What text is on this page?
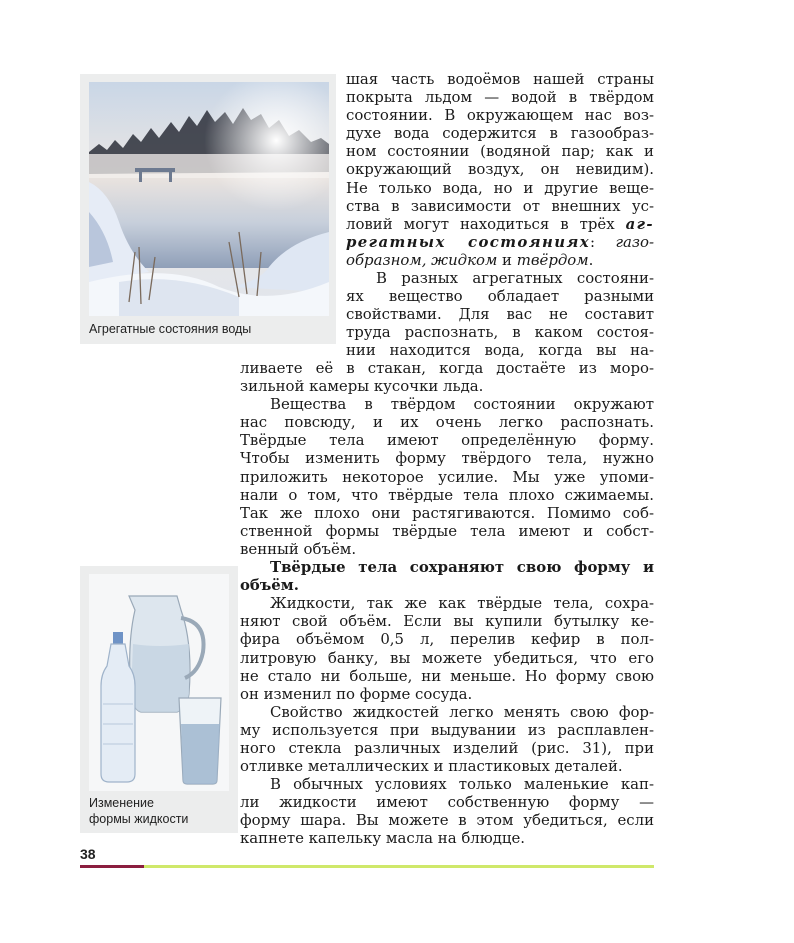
Агрегатные состояния воды
Изменение
формы жидкости
шая часть водоёмов нашей страны
покрыта льдом — водой в твёрдом
состоянии. В окружающем нас воз-
духе вода содержится в газообраз-
ном состоянии (водяной пар; как и
окружающий воздух, он невидим).
Не только вода, но и другие веще-
ства в зависимости от внешних ус-
ловий могут находиться в трёх аг-
регатных состояниях: газо-
образном, жидком и твёрдом.
В разных агрегатных состояни-
ях вещество обладает разными
свойствами. Для вас не составит
труда распознать, в каком состоя-
нии находится вода, когда вы на-
ливаете её в стакан, когда достаёте из моро-
зильной камеры кусочки льда.
Вещества в твёрдом состоянии окружают
нас повсюду, и их очень легко распознать.
Твёрдые тела имеют определённую форму.
Чтобы изменить форму твёрдого тела, нужно
приложить некоторое усилие. Мы уже упоми-
нали о том, что твёрдые тела плохо сжимаемы.
Так же плохо они растягиваются. Помимо соб-
ственной формы твёрдые тела имеют и собст-
венный объём.
Твёрдые тела сохраняют свою форму и
объём.
Жидкости, так же как твёрдые тела, сохра-
няют свой объём. Если вы купили бутылку ке-
фира объёмом 0,5 л, перелив кефир в пол-
литровую банку, вы можете убедиться, что его
не стало ни больше, ни меньше. Но форму свою
он изменил по форме сосуда.
Свойство жидкостей легко менять свою фор-
му используется при выдувании из расплавлен-
ного стекла различных изделий (рис. 31), при
отливке металлических и пластиковых деталей.
В обычных условиях только маленькие кап-
ли жидкости имеют собственную форму —
форму шара. Вы можете в этом убедиться, если
капнете капельку масла на блюдце.
38
